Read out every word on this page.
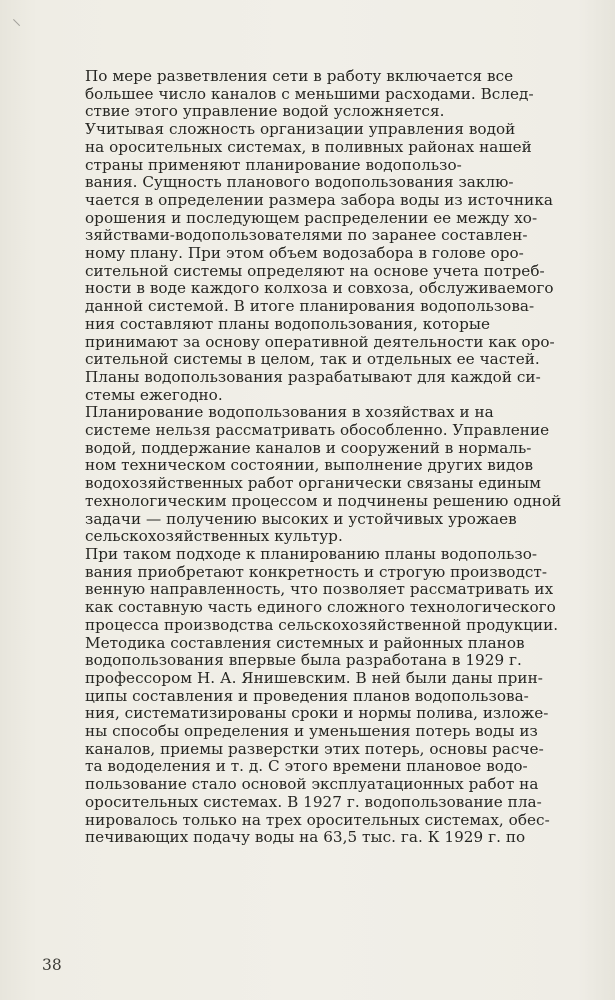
По мере разветвления сети в работу включается все
большее число каналов с меньшими расходами. Вслед-
ствие этого управление водой усложняется.

Учитывая сложность организации управления водой
на оросительных системах, в поливных районах нашей
страны применяют планирование водопользо-
вания. Сущность планового водопользования заклю-
чается в определении размера забора воды из источника
орошения и последующем распределении ее между хо-
зяйствами-водопользователями по заранее составлен-
ному плану. При этом объем водозабора в голове оро-
сительной системы определяют на основе учета потреб-
ности в воде каждого колхоза и совхоза, обслуживаемого
данной системой. В итоге планирования водопользова-
ния составляют планы водопользования, которые
принимают за основу оперативной деятельности как оро-
сительной системы в целом, так и отдельных ее частей.
Планы водопользования разрабатывают для каждой си-
стемы ежегодно.

Планирование водопользования в хозяйствах и на
системе нельзя рассматривать обособленно. Управление
водой, поддержание каналов и сооружений в нормаль-
ном техническом состоянии, выполнение других видов
водохозяйственных работ органически связаны единым
технологическим процессом и подчинены решению одной
задачи — получению высоких и устойчивых урожаев
сельскохозяйственных культур.

При таком подходе к планированию планы водопользо-
вания приобретают конкретность и строгую производст-
венную направленность, что позволяет рассматривать их
как составную часть единого сложного технологического
процесса производства сельскохозяйственной продукции.

Методика составления системных и районных планов
водопользования впервые была разработана в 1929 г.
профессором Н. А. Янишевским. В ней были даны прин-
ципы составления и проведения планов водопользова-
ния, систематизированы сроки и нормы полива, изложе-
ны способы определения и уменьшения потерь воды из
каналов, приемы разверстки этих потерь, основы расче-
та вододеления и т. д. С этого времени плановое водо-
пользование стало основой эксплуатационных работ на
оросительных системах. В 1927 г. водопользование пла-
нировалось только на трех оросительных системах, обес-
печивающих подачу воды на 63,5 тыс. га. К 1929 г. по

38
